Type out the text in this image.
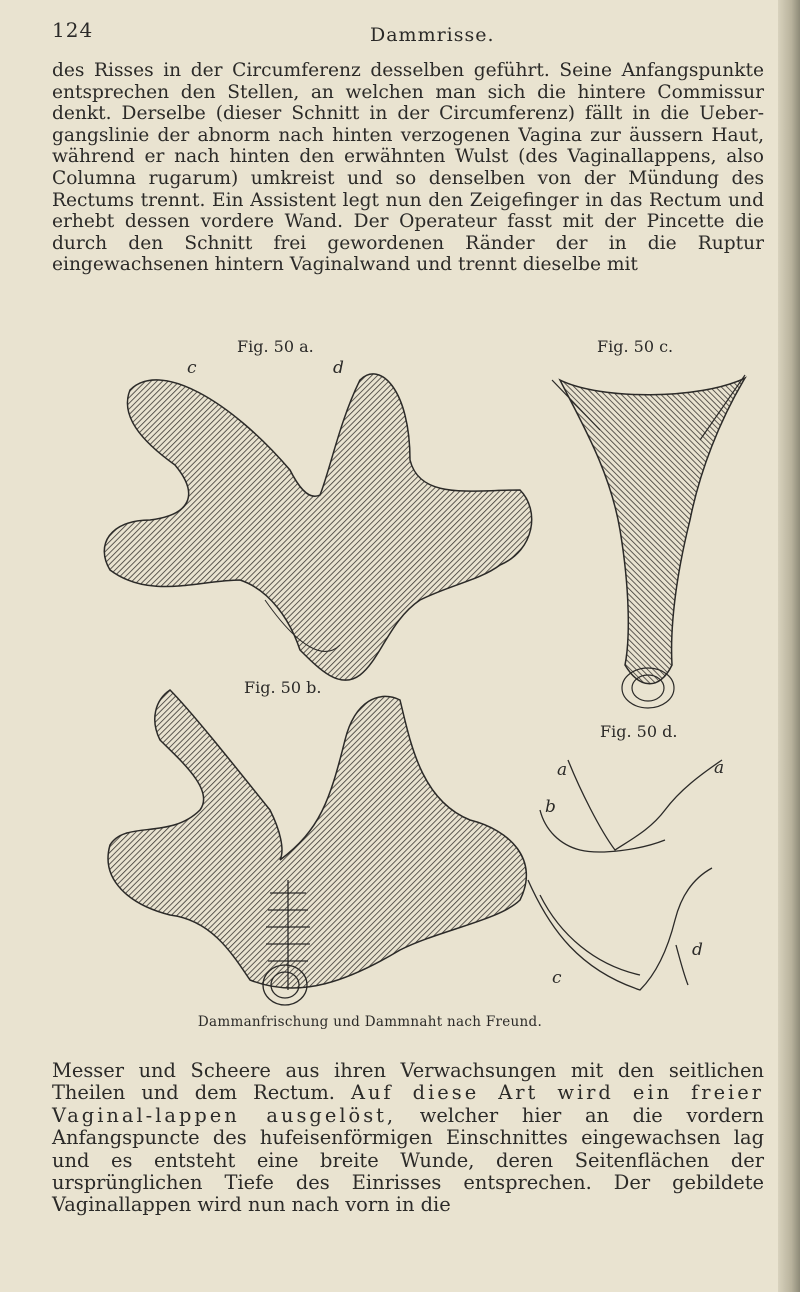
124	Dammrisse.

des Risses in der Circumferenz desselben geführt. Seine Anfangspunkte entsprechen den Stellen, an welchen man sich die hintere Commissur denkt. Derselbe (dieser Schnitt in der Circumferenz) fällt in die Ueber-gangslinie der abnorm nach hinten verzogenen Vagina zur äussern Haut, während er nach hinten den erwähnten Wulst (des Vaginallappens, also Columna rugarum) umkreist und so denselben von der Mündung des Rectums trennt. Ein Assistent legt nun den Zeigefinger in das Rectum und erhebt dessen vordere Wand. Der Operateur fasst mit der Pincette die durch den Schnitt frei gewordenen Ränder der in die Ruptur eingewachsenen hintern Vaginalwand und trennt dieselbe mit

Fig. 50 a.
c	d
Fig. 50 b.
Fig. 50 c.
Fig. 50 d.
a	a
b
c
d
Dammanfrischung und Dammnaht nach Freund.

Messer und Scheere aus ihren Verwachsungen mit den seitlichen Theilen und dem Rectum. Auf diese Art wird ein freier Vaginal-lappen ausgelöst, welcher hier an die vordern Anfangspuncte des hufeisenförmigen Einschnittes eingewachsen lag und es entsteht eine breite Wunde, deren Seitenflächen der ursprünglichen Tiefe des Einrisses entsprechen. Der gebildete Vaginallappen wird nun nach vorn in die
